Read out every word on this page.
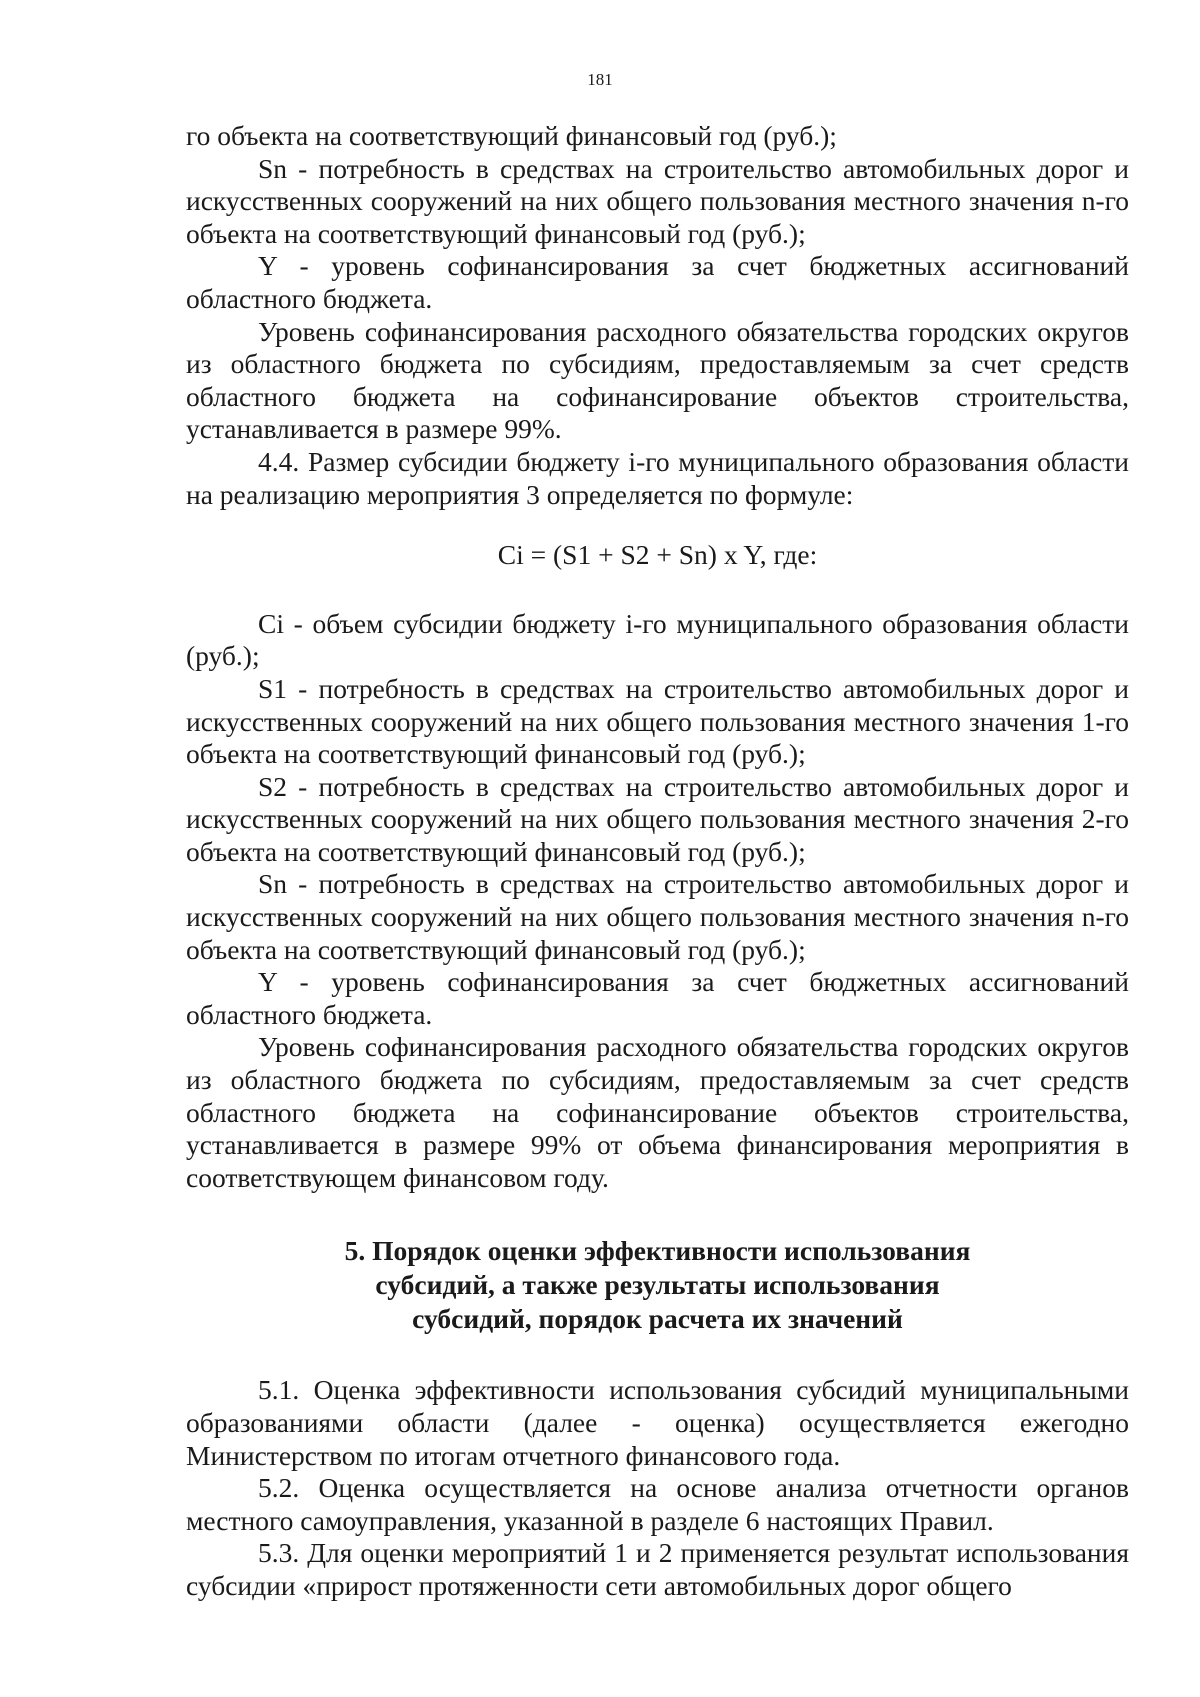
181

го объекта на соответствующий финансовый год (руб.);

Sn - потребность в средствах на строительство автомобильных дорог и искусственных сооружений на них общего пользования местного значения n-го объекта на соответствующий финансовый год (руб.);

Y - уровень софинансирования за счет бюджетных ассигнований областного бюджета.

Уровень софинансирования расходного обязательства городских округов из областного бюджета по субсидиям, предоставляемым за счет средств областного бюджета на софинансирование объектов строительства, устанавливается в размере 99%.

4.4. Размер субсидии бюджету i-го муниципального образования области на реализацию мероприятия 3 определяется по формуле:

Ci = (S1 + S2 + Sn) x Y, где:

Ci - объем субсидии бюджету i-го муниципального образования области (руб.);

S1 - потребность в средствах на строительство автомобильных дорог и искусственных сооружений на них общего пользования местного значения 1-го объекта на соответствующий финансовый год (руб.);

S2 - потребность в средствах на строительство автомобильных дорог и искусственных сооружений на них общего пользования местного значения 2-го объекта на соответствующий финансовый год (руб.);

Sn - потребность в средствах на строительство автомобильных дорог и искусственных сооружений на них общего пользования местного значения n-го объекта на соответствующий финансовый год (руб.);

Y - уровень софинансирования за счет бюджетных ассигнований областного бюджета.

Уровень софинансирования расходного обязательства городских округов из областного бюджета по субсидиям, предоставляемым за счет средств областного бюджета на софинансирование объектов строительства, устанавливается в размере 99% от объема финансирования мероприятия в соответствующем финансовом году.

5. Порядок оценки эффективности использования
субсидий, а также результаты использования
субсидий, порядок расчета их значений

5.1. Оценка эффективности использования субсидий муниципальными образованиями области (далее - оценка) осуществляется ежегодно Министерством по итогам отчетного финансового года.

5.2. Оценка осуществляется на основе анализа отчетности органов местного самоуправления, указанной в разделе 6 настоящих Правил.

5.3. Для оценки мероприятий 1 и 2 применяется результат использования субсидии «прирост протяженности сети автомобильных дорог общего
